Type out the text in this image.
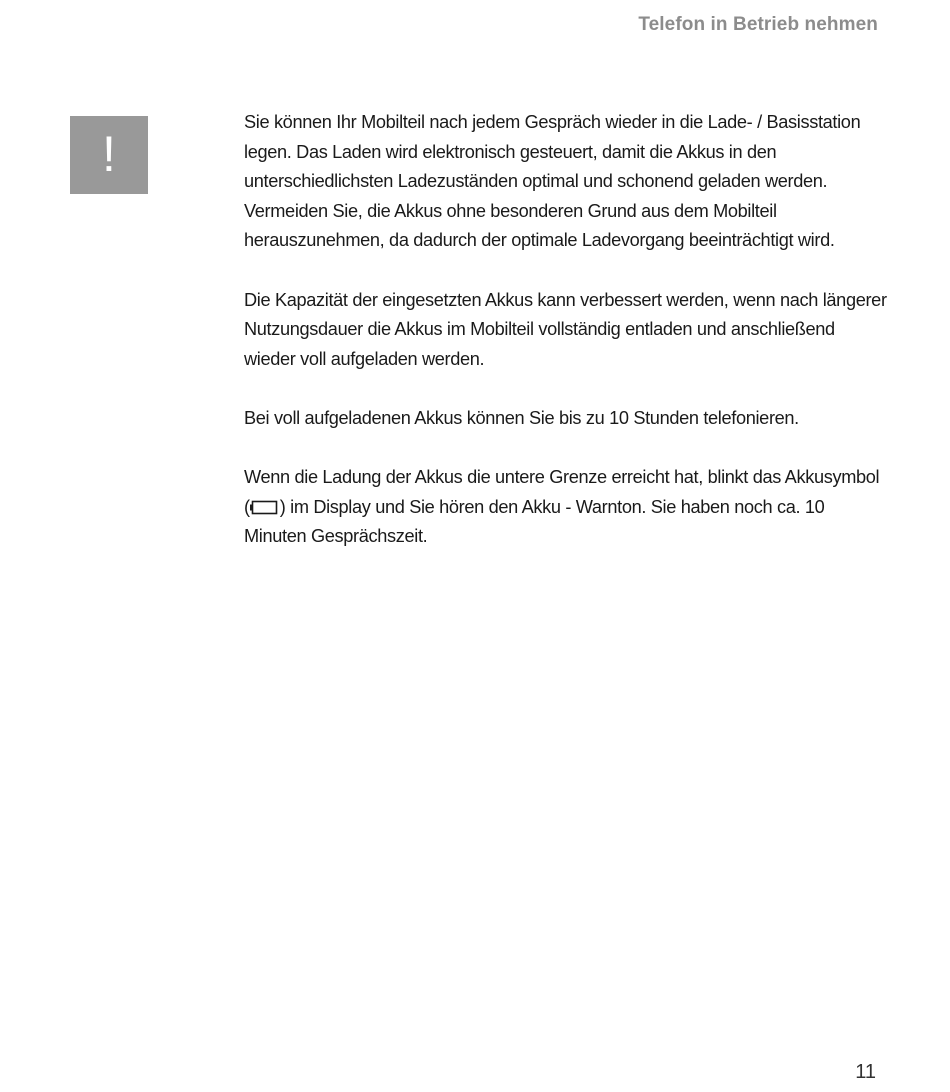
Telefon in Betrieb nehmen
!

Sie können Ihr Mobilteil nach jedem Gespräch wieder in die Lade- / Basisstation legen. Das Laden wird elektronisch gesteuert, damit die Akkus in den unterschiedlichsten Ladezuständen optimal und schonend geladen werden. Vermeiden Sie, die Akkus ohne besonderen Grund aus dem Mobilteil herauszunehmen, da dadurch der optimale Ladevorgang beeinträchtigt wird.

Die Kapazität der eingesetzten Akkus kann verbessert werden, wenn nach längerer Nutzungsdauer die Akkus im Mobilteil vollständig entladen und anschließend wieder voll aufgeladen werden.

Bei voll aufgeladenen Akkus können Sie bis zu 10 Stunden telefonieren.

Wenn die Ladung der Akkus die untere Grenze erreicht hat, blinkt das Akkusymbol ( ) im Display und Sie hören den Akku - Warnton. Sie haben noch ca. 10 Minuten Gesprächszeit.

11
